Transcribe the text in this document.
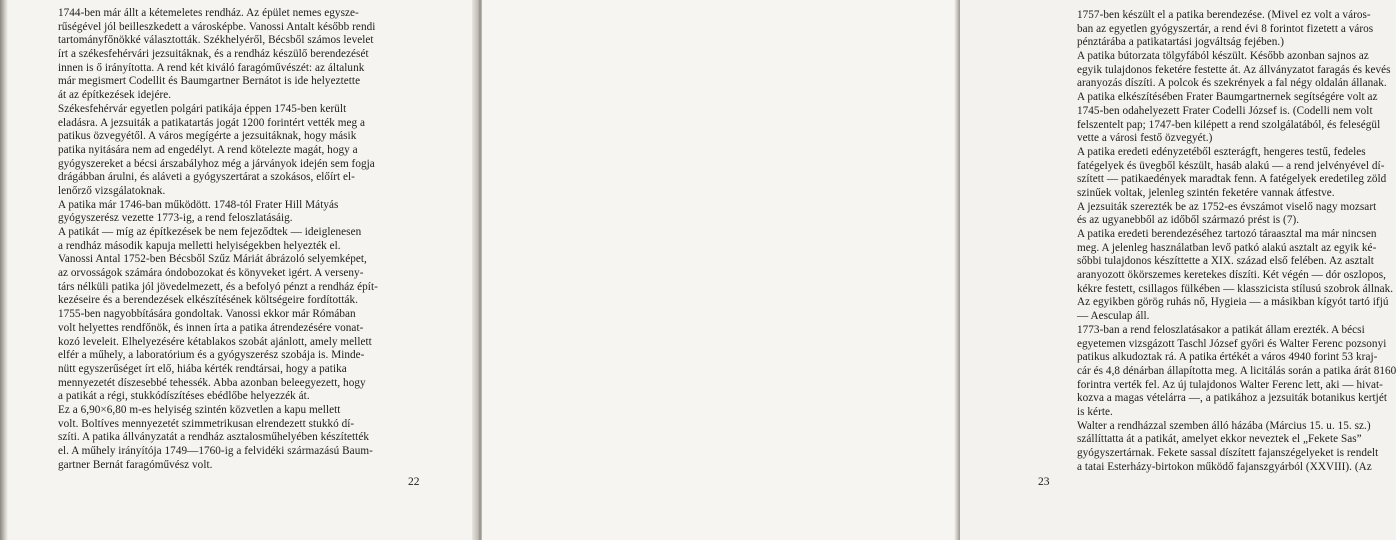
1744-ben már állt a kétemeletes rendház. Az épület nemes egysze-
rűségével jól beilleszkedett a városképbe. Vanossi Antalt később rendi
tartományfőnökké választották. Székhelyéről, Bécsből számos levelet
írt a székesfehérvári jezsuitáknak, és a rendház készülő berendezését
innen is ő irányította. A rend két kiváló faragóművészét: az általunk
már megismert Codellit és Baumgartner Bernátot is ide helyeztette
át az építkezések idejére.
Székesfehérvár egyetlen polgári patikája éppen 1745-ben került
eladásra. A jezsuiták a patikatartás jogát 1200 forintért vették meg a
patikus özvegyétől. A város megígérte a jezsuitáknak, hogy másik
patika nyitására nem ad engedélyt. A rend kötelezte magát, hogy a
gyógyszereket a bécsi árszabályhoz még a járványok idején sem fogja
drágábban árulni, és aláveti a gyógyszertárat a szokásos, előírt el-
lenőrző vizsgálatoknak.
A patika már 1746-ban működött. 1748-tól Frater Hill Mátyás
gyógyszerész vezette 1773-ig, a rend feloszlatásáig.
A patikát — míg az építkezések be nem fejeződtek — ideiglenesen
a rendház második kapuja melletti helyiségekben helyezték el.
Vanossi Antal 1752-ben Bécsből Szűz Máriát ábrázoló selyemképet,
az orvosságok számára óndobozokat és könyveket igért. A verseny-
társ nélküli patika jól jövedelmezett, és a befolyó pénzt a rendház épít-
kezéseire és a berendezések elkészítésének költségeire fordították.
1755-ben nagyobbítására gondoltak. Vanossi ekkor már Rómában
volt helyettes rendfőnök, és innen írta a patika átrendezésére vonat-
kozó leveleit. Elhelyezésére kétablakos szobát ajánlott, amely mellett
elfér a műhely, a laboratórium és a gyógyszerész szobája is. Minde-
nütt egyszerűséget írt elő, hiába kérték rendtársai, hogy a patika
mennyezetét díszesebbé tehessék. Abba azonban beleegyezett, hogy
a patikát a régi, stukkódíszítéses ebédlőbe helyezzék át.
Ez a 6,90×6,80 m-es helyiség szintén közvetlen a kapu mellett
volt. Boltíves mennyezetét szimmetrikusan elrendezett stukkó dí-
szíti. A patika állványzatát a rendház asztalosműhelyében készítették
el. A műhely irányítója 1749—1760-ig a felvidéki származású Baum-
gartner Bernát faragóművész volt.
22
1757-ben készült el a patika berendezése. (Mivel ez volt a város-
ban az egyetlen gyógyszertár, a rend évi 8 forintot fizetett a város
pénztárába a patikatartási jogváltság fejében.)
A patika bútorzata tölgyfából készült. Később azonban sajnos az
egyik tulajdonos feketére festette át. Az állványzatot faragás és kevés
aranyozás díszíti. A polcok és szekrények a fal négy oldalán állanak.
A patika elkészítésében Frater Baumgartnernek segítségére volt az
1745-ben odahelyezett Frater Codelli József is. (Codelli nem volt
felszentelt pap; 1747-ben kilépett a rend szolgálatából, és feleségül
vette a városi festő özvegyét.)
A patika eredeti edényzetéből eszterágft, hengeres testű, fedeles
fatégelyek és üvegből készült, hasáb alakú — a rend jelvényével dí-
szített — patikaedények maradtak fenn. A fatégelyek eredetileg zöld
szinűek voltak, jelenleg szintén feketére vannak átfestve.
A jezsuiták szerezték be az 1752-es évszámot viselő nagy mozsart
és az ugyanebből az időből származó prést is (7).
A patika eredeti berendezéséhez tartozó táraasztal ma már nincsen
meg. A jelenleg használatban levő patkó alakú asztalt az egyik ké-
sőbbi tulajdonos készíttette a XIX. század első felében. Az asztalt
aranyozott ökörszemes keretekes díszíti. Két végén — dór oszlopos,
kékre festett, csillagos fülkében — klasszicista stílusú szobrok állnak.
Az egyikben görög ruhás nő, Hygieia — a másikban kígyót tartó ifjú
— Aesculap áll.
1773-ban a rend feloszlatásakor a patikát állam erezték. A bécsi
egyetemen vizsgázott Taschl József győri és Walter Ferenc pozsonyi
patikus alkudoztak rá. A patika értékét a város 4940 forint 53 kraj-
cár és 4,8 dénárban állapította meg. A licitálás során a patika árát 8160
forintra verték fel. Az új tulajdonos Walter Ferenc lett, aki — hivat-
kozva a magas vételárra —, a patikához a jezsuiták botanikus kertjét
is kérte.
Walter a rendházzal szemben álló házába (Március 15. u. 15. sz.)
szállíttatta át a patikát, amelyet ekkor neveztek el „Fekete Sas”
gyógyszertárnak. Fekete sassal díszített fajanszégelyeket is rendelt
a tatai Esterházy-birtokon működő fajanszgyárból (XXVIII). (Az
23
